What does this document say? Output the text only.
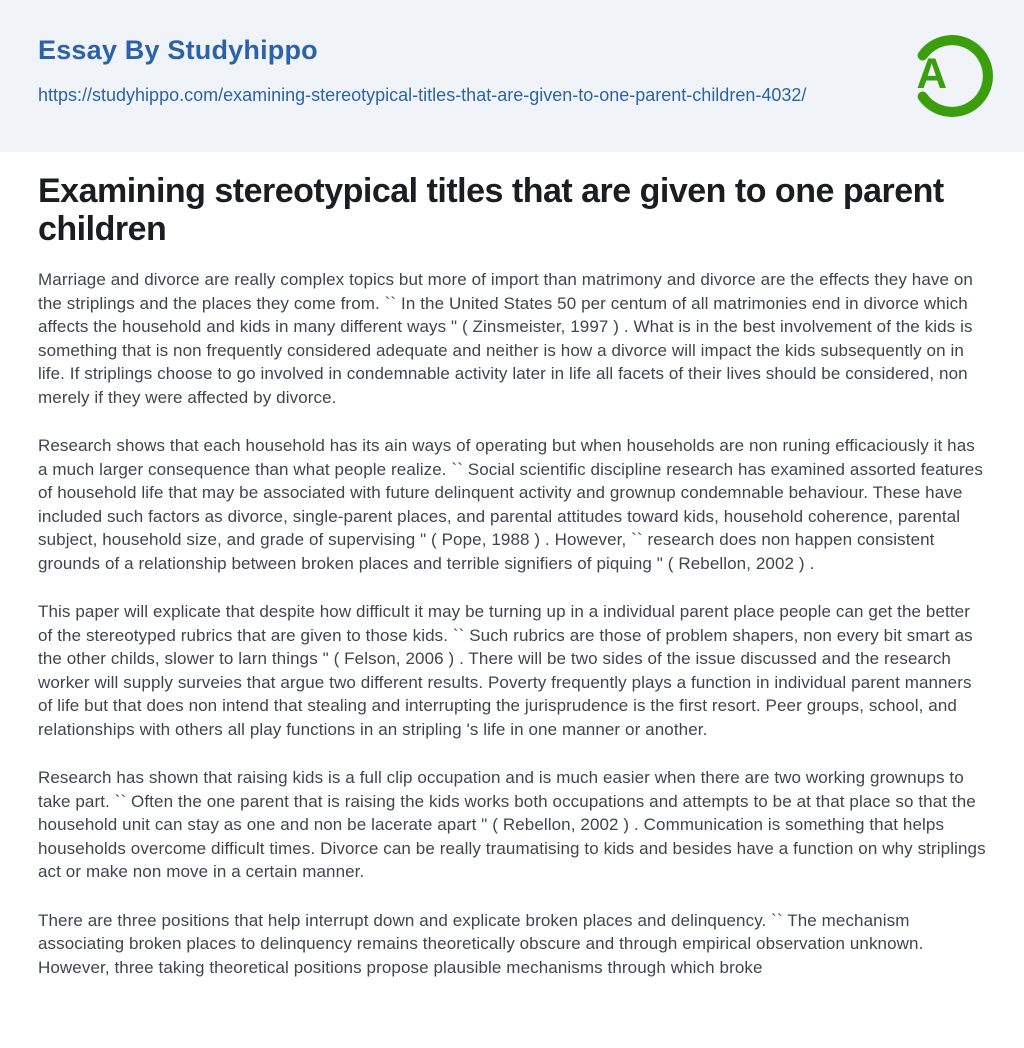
Essay By Studyhippo
https://studyhippo.com/examining-stereotypical-titles-that-are-given-to-one-parent-children-4032/ A
Examining stereotypical titles that are given to one parent children

Marriage and divorce are really complex topics but more of import than matrimony and divorce are the effects they have on the striplings and the places they come from. `` In the United States 50 per centum of all matrimonies end in divorce which affects the household and kids in many different ways " ( Zinsmeister, 1997 ) . What is in the best involvement of the kids is something that is non frequently considered adequate and neither is how a divorce will impact the kids subsequently on in life. If striplings choose to go involved in condemnable activity later in life all facets of their lives should be considered, non merely if they were affected by divorce.

Research shows that each household has its ain ways of operating but when households are non runing efficaciously it has a much larger consequence than what people realize. `` Social scientific discipline research has examined assorted features of household life that may be associated with future delinquent activity and grownup condemnable behaviour. These have included such factors as divorce, single-parent places, and parental attitudes toward kids, household coherence, parental subject, household size, and grade of supervising " ( Pope, 1988 ) . However, `` research does non happen consistent grounds of a relationship between broken places and terrible signifiers of piquing " ( Rebellon, 2002 ) .

This paper will explicate that despite how difficult it may be turning up in a individual parent place people can get the better of the stereotyped rubrics that are given to those kids. `` Such rubrics are those of problem shapers, non every bit smart as the other childs, slower to larn things " ( Felson, 2006 ) . There will be two sides of the issue discussed and the research worker will supply surveies that argue two different results. Poverty frequently plays a function in individual parent manners of life but that does non intend that stealing and interrupting the jurisprudence is the first resort. Peer groups, school, and relationships with others all play functions in an stripling 's life in one manner or another.

Research has shown that raising kids is a full clip occupation and is much easier when there are two working grownups to take part. `` Often the one parent that is raising the kids works both occupations and attempts to be at that place so that the household unit can stay as one and non be lacerate apart " ( Rebellon, 2002 ) . Communication is something that helps households overcome difficult times. Divorce can be really traumatising to kids and besides have a function on why striplings act or make non move in a certain manner.

There are three positions that help interrupt down and explicate broken places and delinquency. `` The mechanism associating broken places to delinquency remains theoretically obscure and through empirical observation unknown. However, three taking theoretical positions propose plausible mechanisms through which broke
